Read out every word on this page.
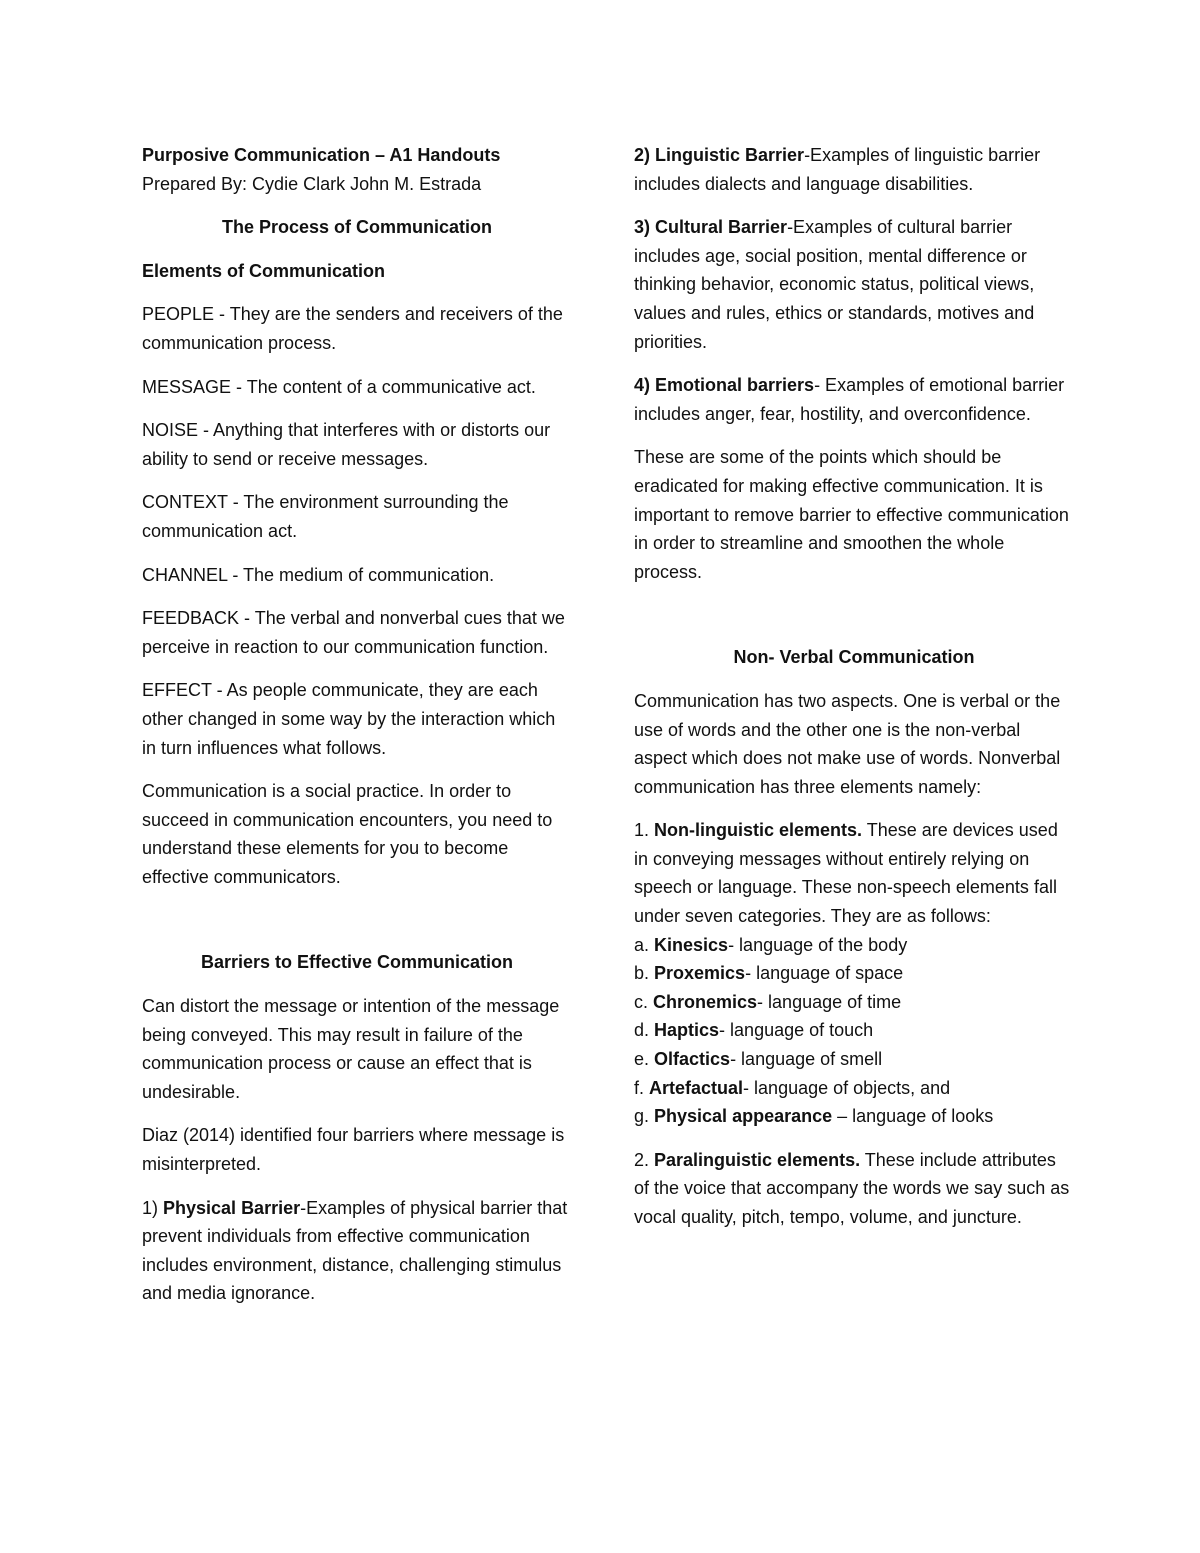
Purposive Communication – A1 Handouts

Prepared By: Cydie Clark John M. Estrada

The Process of Communication

Elements of Communication

PEOPLE - They are the senders and receivers of the communication process.

MESSAGE - The content of a communicative act.

NOISE - Anything that interferes with or distorts our ability to send or receive messages.

CONTEXT - The environment surrounding the communication act.

CHANNEL - The medium of communication.

FEEDBACK - The verbal and nonverbal cues that we perceive in reaction to our communication function.

EFFECT - As people communicate, they are each other changed in some way by the interaction which in turn influences what follows.

Communication is a social practice. In order to succeed in communication encounters, you need to understand these elements for you to become effective communicators.

Barriers to Effective Communication

Can distort the message or intention of the message being conveyed. This may result in failure of the communication process or cause an effect that is undesirable.

Diaz (2014) identified four barriers where message is misinterpreted.

1) Physical Barrier-Examples of physical barrier that prevent individuals from effective communication includes environment, distance, challenging stimulus and media ignorance.

2) Linguistic Barrier-Examples of linguistic barrier includes dialects and language disabilities.

3) Cultural Barrier-Examples of cultural barrier includes age, social position, mental difference or thinking behavior, economic status, political views, values and rules, ethics or standards, motives and priorities.

4) Emotional barriers- Examples of emotional barrier includes anger, fear, hostility, and overconfidence.

These are some of the points which should be eradicated for making effective communication. It is important to remove barrier to effective communication in order to streamline and smoothen the whole process.

Non- Verbal Communication

Communication has two aspects. One is verbal or the use of words and the other one is the non-verbal aspect which does not make use of words. Nonverbal communication has three elements namely:

1. Non-linguistic elements. These are devices used in conveying messages without entirely relying on speech or language. These non-speech elements fall under seven categories. They are as follows:

a. Kinesics- language of the body

b. Proxemics- language of space

c. Chronemics- language of time

d. Haptics- language of touch

e. Olfactics- language of smell

f. Artefactual- language of objects, and

g. Physical appearance – language of looks

2. Paralinguistic elements. These include attributes of the voice that accompany the words we say such as vocal quality, pitch, tempo, volume, and juncture.
